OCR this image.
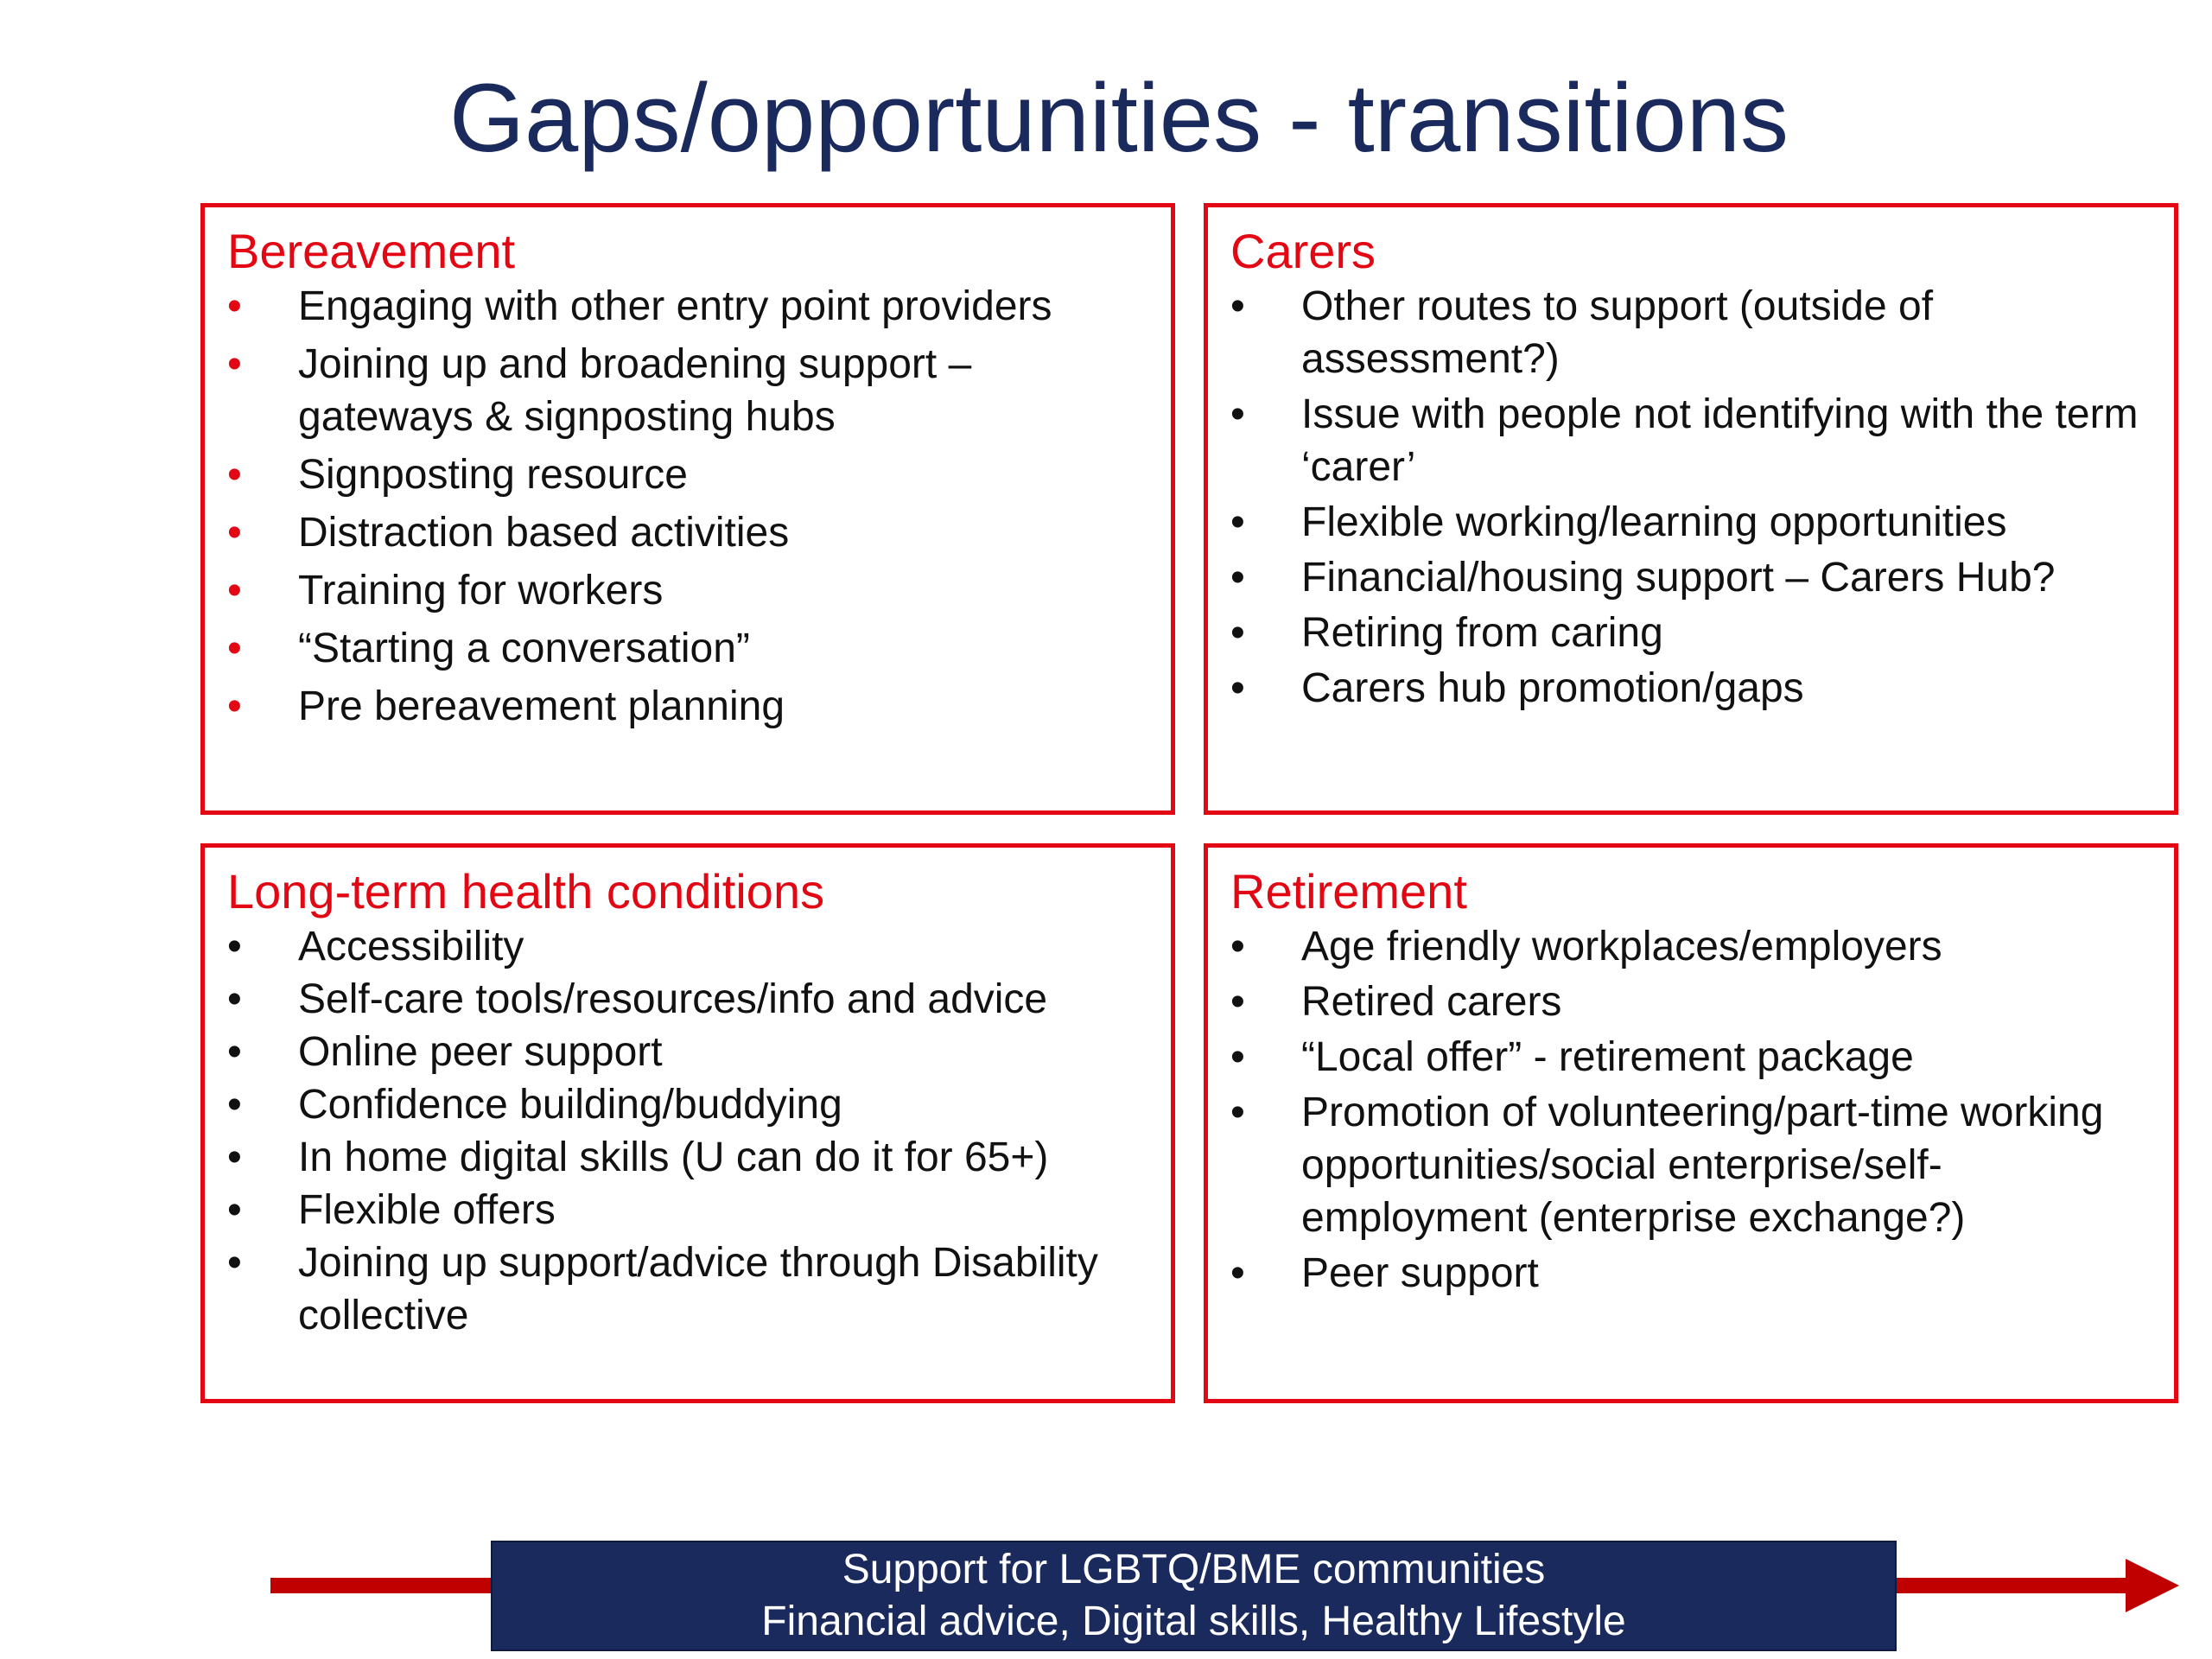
Gaps/opportunities - transitions
Bereavement
•	Engaging with other entry point providers
•	Joining up and broadening support – gateways & signposting hubs
•	Signposting resource
•	Distraction based activities
•	Training for workers
•	“Starting a conversation”
•	Pre bereavement planning
Carers
•	Other routes to support (outside of assessment?)
•	Issue with people not identifying with the term ‘carer’
•	Flexible working/learning opportunities
•	Financial/housing support – Carers Hub?
•	Retiring from caring
•	Carers hub promotion/gaps
Long-term health conditions
•	Accessibility
•	Self-care tools/resources/info and advice
•	Online peer support
•	Confidence building/buddying
•	In home digital skills (U can do it for 65+)
•	Flexible offers
•	Joining up support/advice through Disability collective
Retirement
•	Age friendly workplaces/employers
•	Retired carers
•	“Local offer” - retirement package
•	Promotion of volunteering/part-time working opportunities/social enterprise/self-employment (enterprise exchange?)
•	Peer support
Support for LGBTQ/BME communities
Financial advice, Digital skills, Healthy Lifestyle
